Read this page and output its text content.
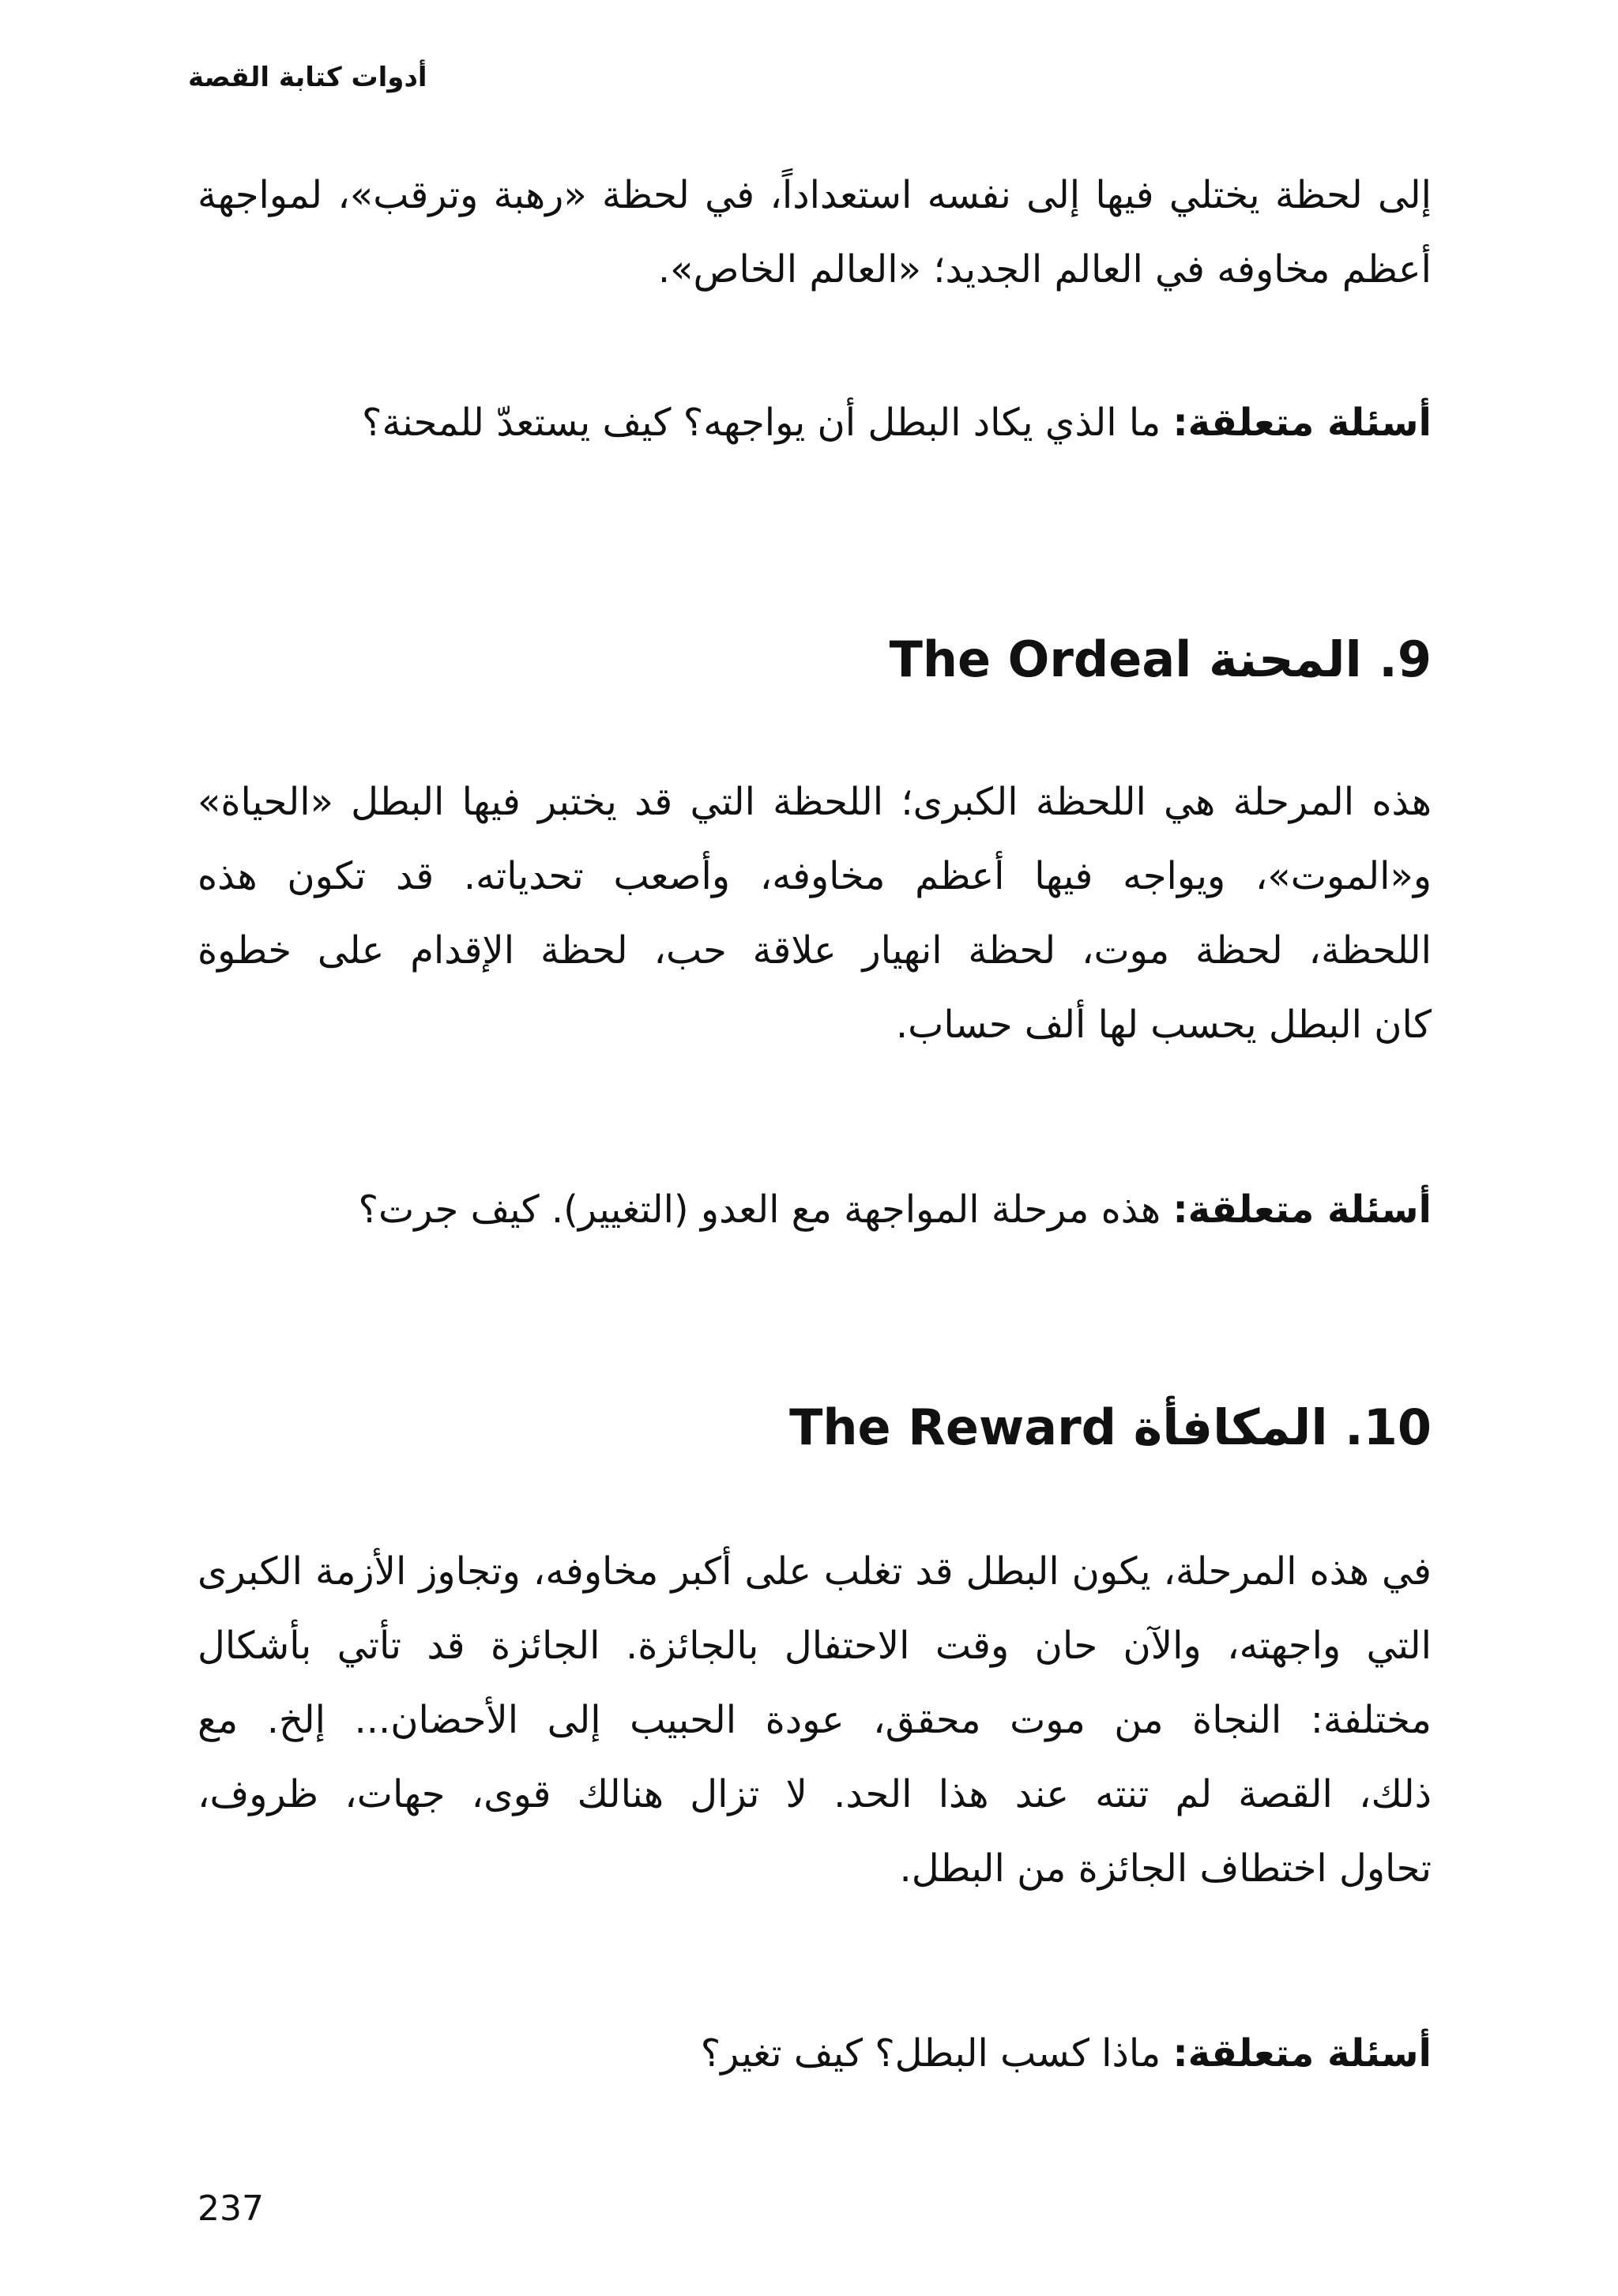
أدوات كتابة القصة

إلى لحظة يختلي فيها إلى نفسه استعداداً، في لحظة «رهبة وترقب»، لمواجهة
أعظم مخاوفه في العالم الجديد؛ «العالم الخاص».

أسئلة متعلقة: ما الذي يكاد البطل أن يواجهه؟ كيف يستعدّ للمحنة؟

9. المحنة The Ordeal

هذه المرحلة هي اللحظة الكبرى؛ اللحظة التي قد يختبر فيها البطل «الحياة»
و«الموت»، ويواجه فيها أعظم مخاوفه، وأصعب تحدياته. قد تكون هذه
اللحظة، لحظة موت، لحظة انهيار علاقة حب، لحظة الإقدام على خطوة
كان البطل يحسب لها ألف حساب.

أسئلة متعلقة: هذه مرحلة المواجهة مع العدو (التغيير). كيف جرت؟

10. المكافأة The Reward

في هذه المرحلة، يكون البطل قد تغلب على أكبر مخاوفه، وتجاوز الأزمة الكبرى
التي واجهته، والآن حان وقت الاحتفال بالجائزة. الجائزة قد تأتي بأشكال
مختلفة: النجاة من موت محقق، عودة الحبيب إلى الأحضان... إلخ. مع
ذلك، القصة لم تنته عند هذا الحد. لا تزال هنالك قوى، جهات، ظروف،
تحاول اختطاف الجائزة من البطل.

أسئلة متعلقة: ماذا كسب البطل؟ كيف تغير؟

237
